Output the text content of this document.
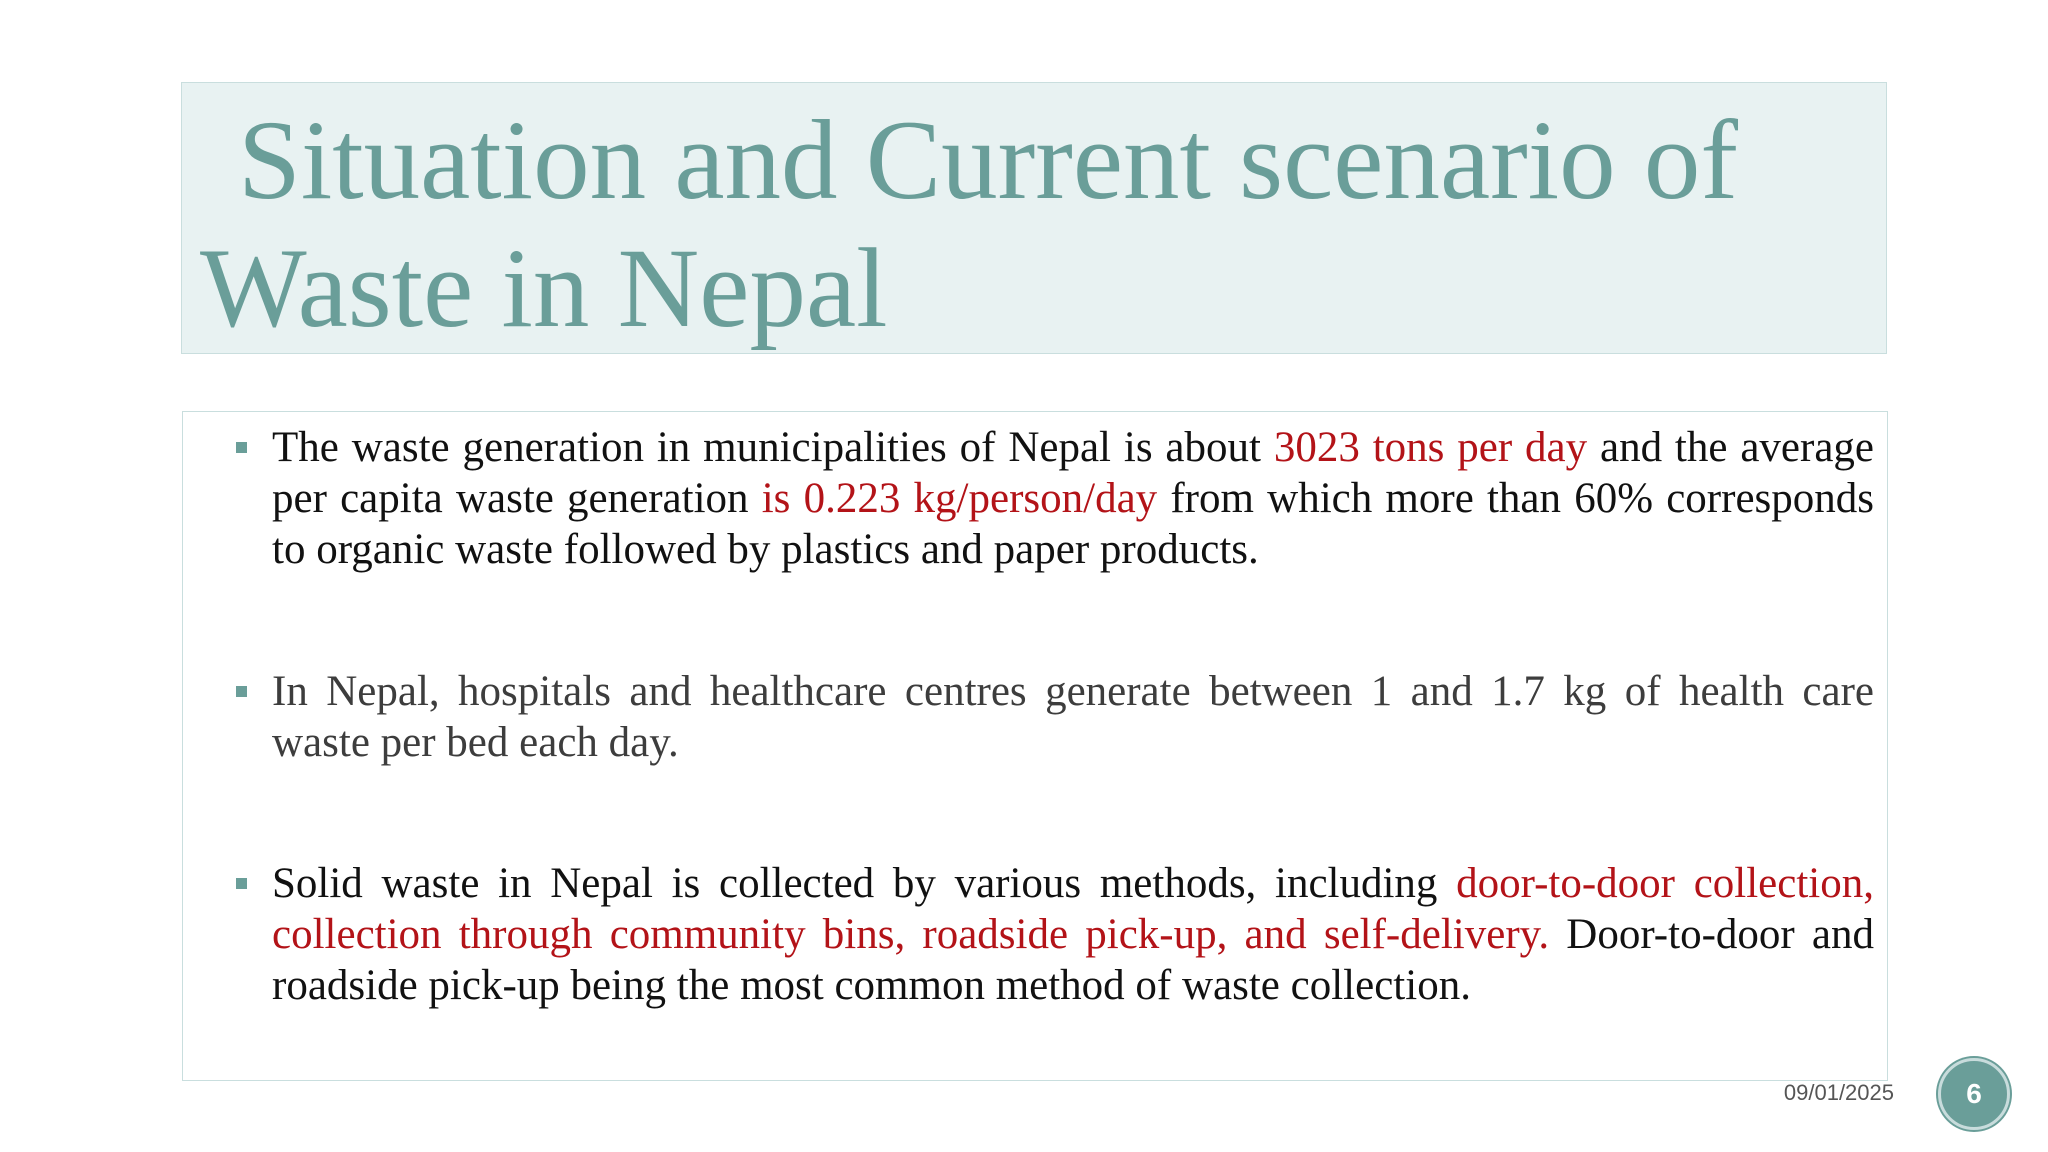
Situation and Current scenario of
Waste in Nepal
The waste generation in municipalities of Nepal is about 3023 tons per day and the average per capita waste generation is 0.223 kg/person/day from which more than 60% corresponds to organic waste followed by plastics and paper products.
In Nepal, hospitals and healthcare centres generate between 1 and 1.7 kg of health care waste per bed each day.
Solid waste in Nepal is collected by various methods, including door-to-door collection, collection through community bins, roadside pick-up, and self-delivery. Door-to-door and roadside pick-up being the most common method of waste collection.
09/01/2025	6
